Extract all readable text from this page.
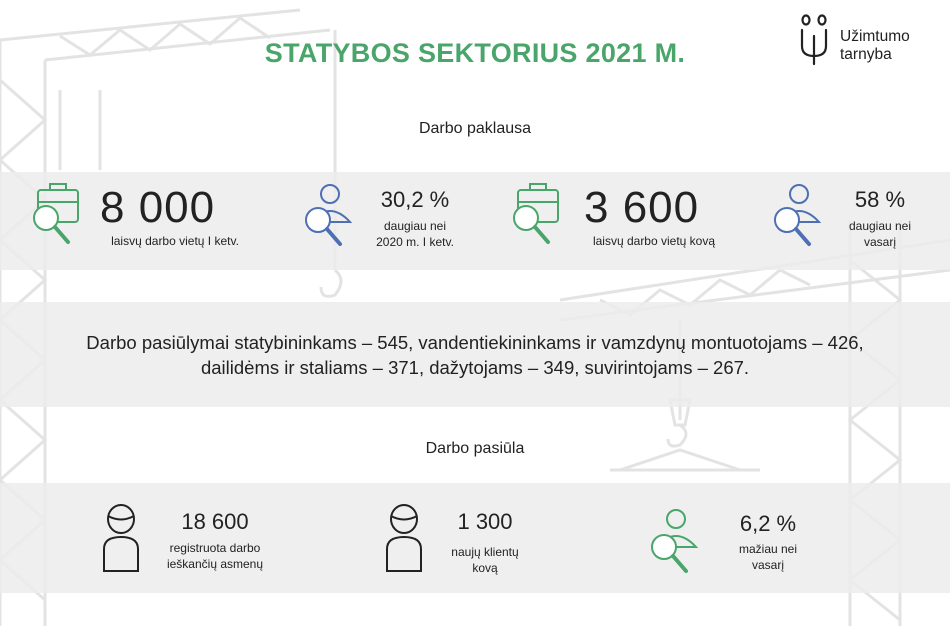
STATYBOS SEKTORIUS 2021 M.
Užimtumo
tarnyba
Darbo paklausa
8 000
laisvų darbo vietų I ketv.
30,2 %
daugiau nei
2020 m. I ketv.
3 600
laisvų darbo vietų kovą
58 %
daugiau nei
vasarį
Darbo pasiūlymai statybininkams – 545, vandentiekininkams ir vamzdynų montuotojams – 426,
dailidėms ir staliams – 371, dažytojams – 349, suvirintojams – 267.
Darbo pasiūla
18 600
registruota darbo
ieškančių asmenų
1 300
naujų klientų
kovą
6,2 %
mažiau nei
vasarį
